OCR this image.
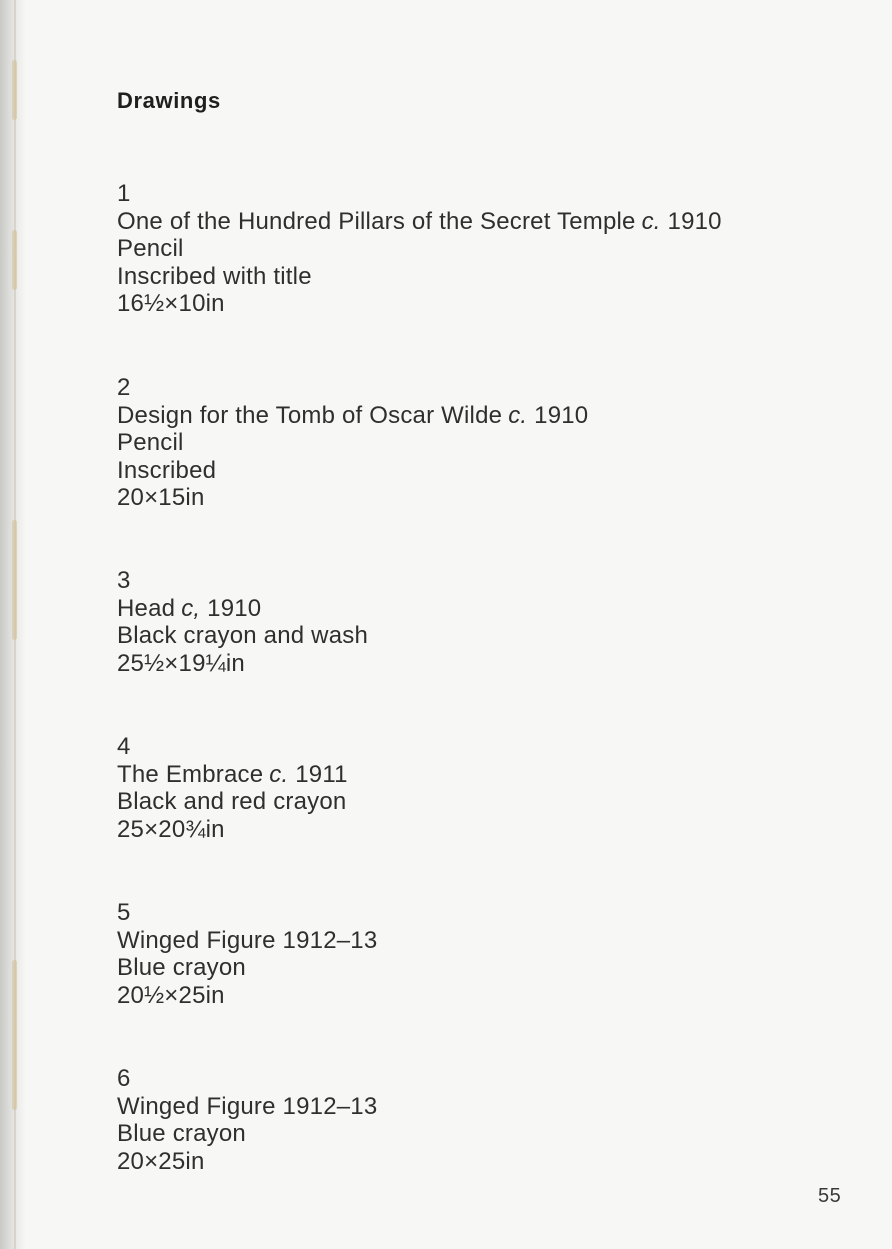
Drawings
1
One of the Hundred Pillars of the Secret Temple c. 1910
Pencil
Inscribed with title
16½×10in
2
Design for the Tomb of Oscar Wilde c. 1910
Pencil
Inscribed
20×15in
3
Head c, 1910
Black crayon and wash
25½×19¼in
4
The Embrace c. 1911
Black and red crayon
25×20¾in
5
Winged Figure 1912–13
Blue crayon
20½×25in
6
Winged Figure 1912–13
Blue crayon
20×25in
55
